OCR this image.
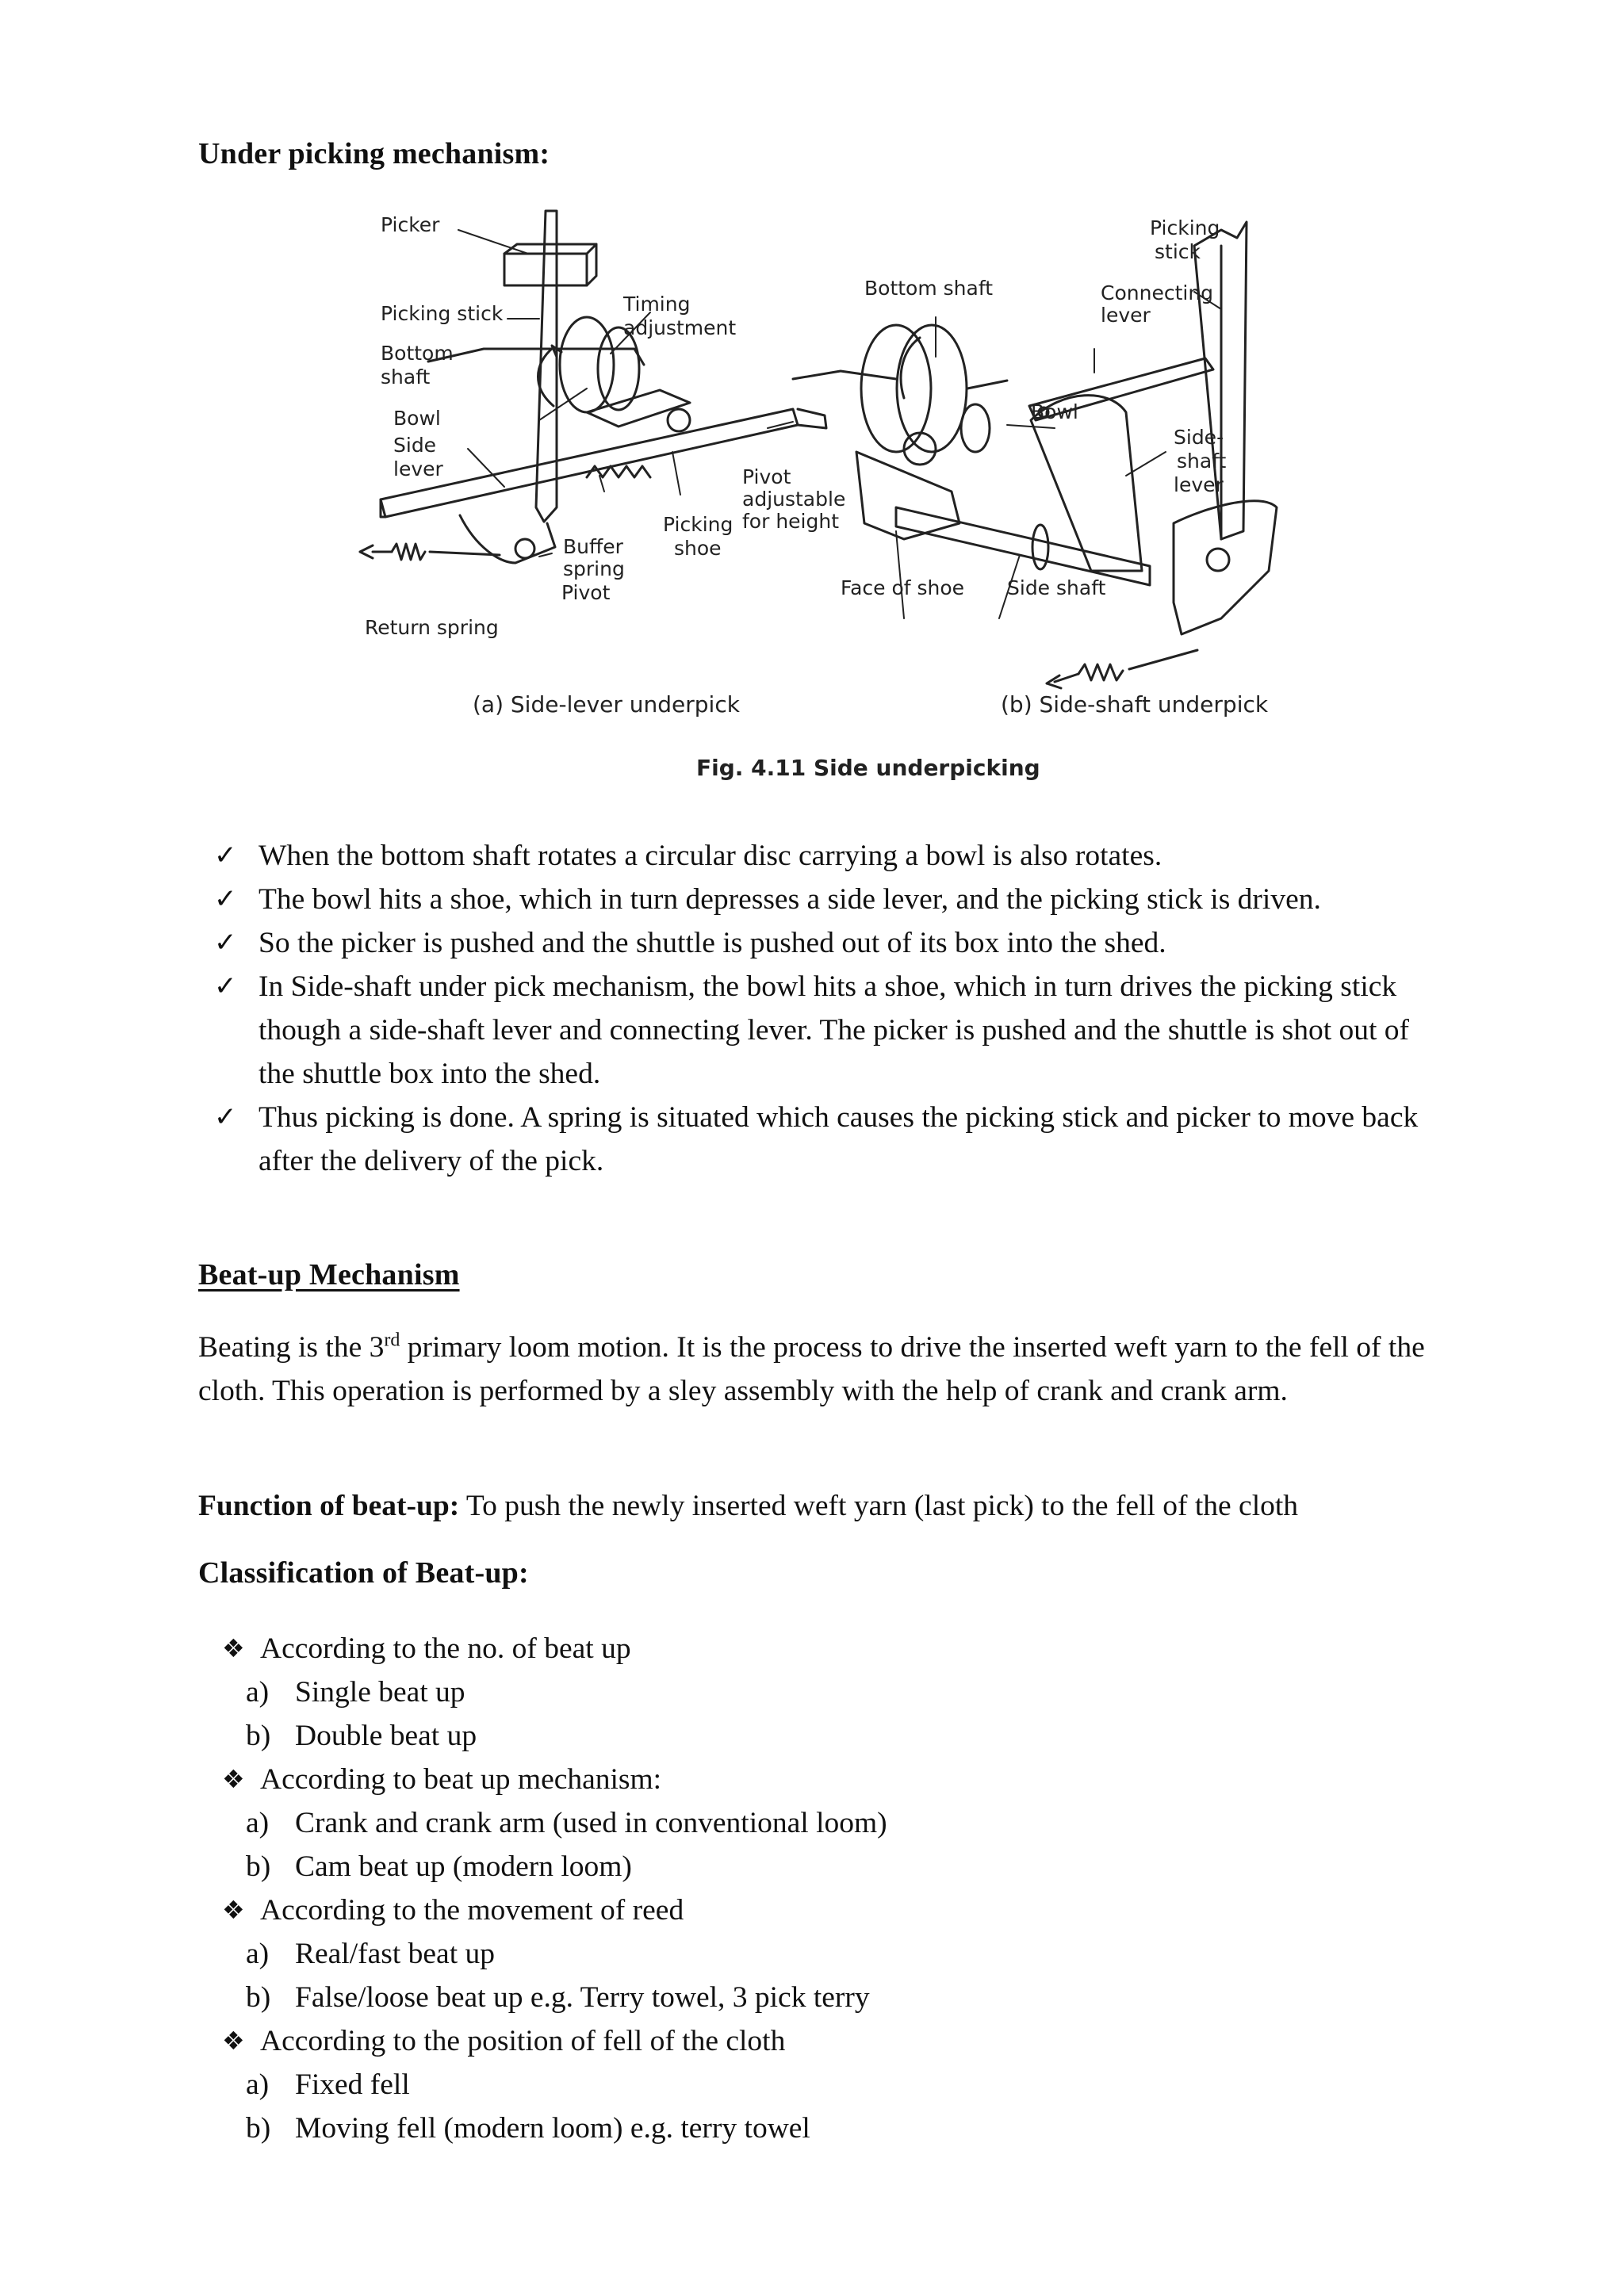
Under picking mechanism:
Picker
Picking stick	Timing
adjustment
Bottom
shaft
Bowl
Side
lever	Pivot
adjustable
for height
Picking
shoe
Buffer
spring
Pivot
Return spring
Picking
stick
Bottom shaft	Connecting
lever
Bowl
Side-
shaft
lever
Face of shoe Side shaft
(a) Side-lever underpick	(b) Side-shaft underpick
Fig. 4.11 Side underpicking
✓ When the bottom shaft rotates a circular disc carrying a bowl is also rotates.
✓ The bowl hits a shoe, which in turn depresses a side lever, and the picking stick is driven.
✓ So the picker is pushed and the shuttle is pushed out of its box into the shed.
✓ In Side-shaft under pick mechanism, the bowl hits a shoe, which in turn drives the picking stick though a side-shaft lever and connecting lever. The picker is pushed and the shuttle is shot out of the shuttle box into the shed.
✓ Thus picking is done. A spring is situated which causes the picking stick and picker to move back after the delivery of the pick.
Beat-up Mechanism

Beating is the 3rd primary loom motion. It is the process to drive the inserted weft yarn to the fell of the cloth. This operation is performed by a sley assembly with the help of crank and crank arm.

Function of beat-up: To push the newly inserted weft yarn (last pick) to the fell of the cloth

Classification of Beat-up:
❖ According to the no. of beat up
a) Single beat up
b) Double beat up
❖ According to beat up mechanism:
a) Crank and crank arm (used in conventional loom)
b) Cam beat up (modern loom)
❖ According to the movement of reed
a) Real/fast beat up
b) False/loose beat up e.g. Terry towel, 3 pick terry
❖ According to the position of fell of the cloth
a) Fixed fell
b) Moving fell (modern loom) e.g. terry towel
